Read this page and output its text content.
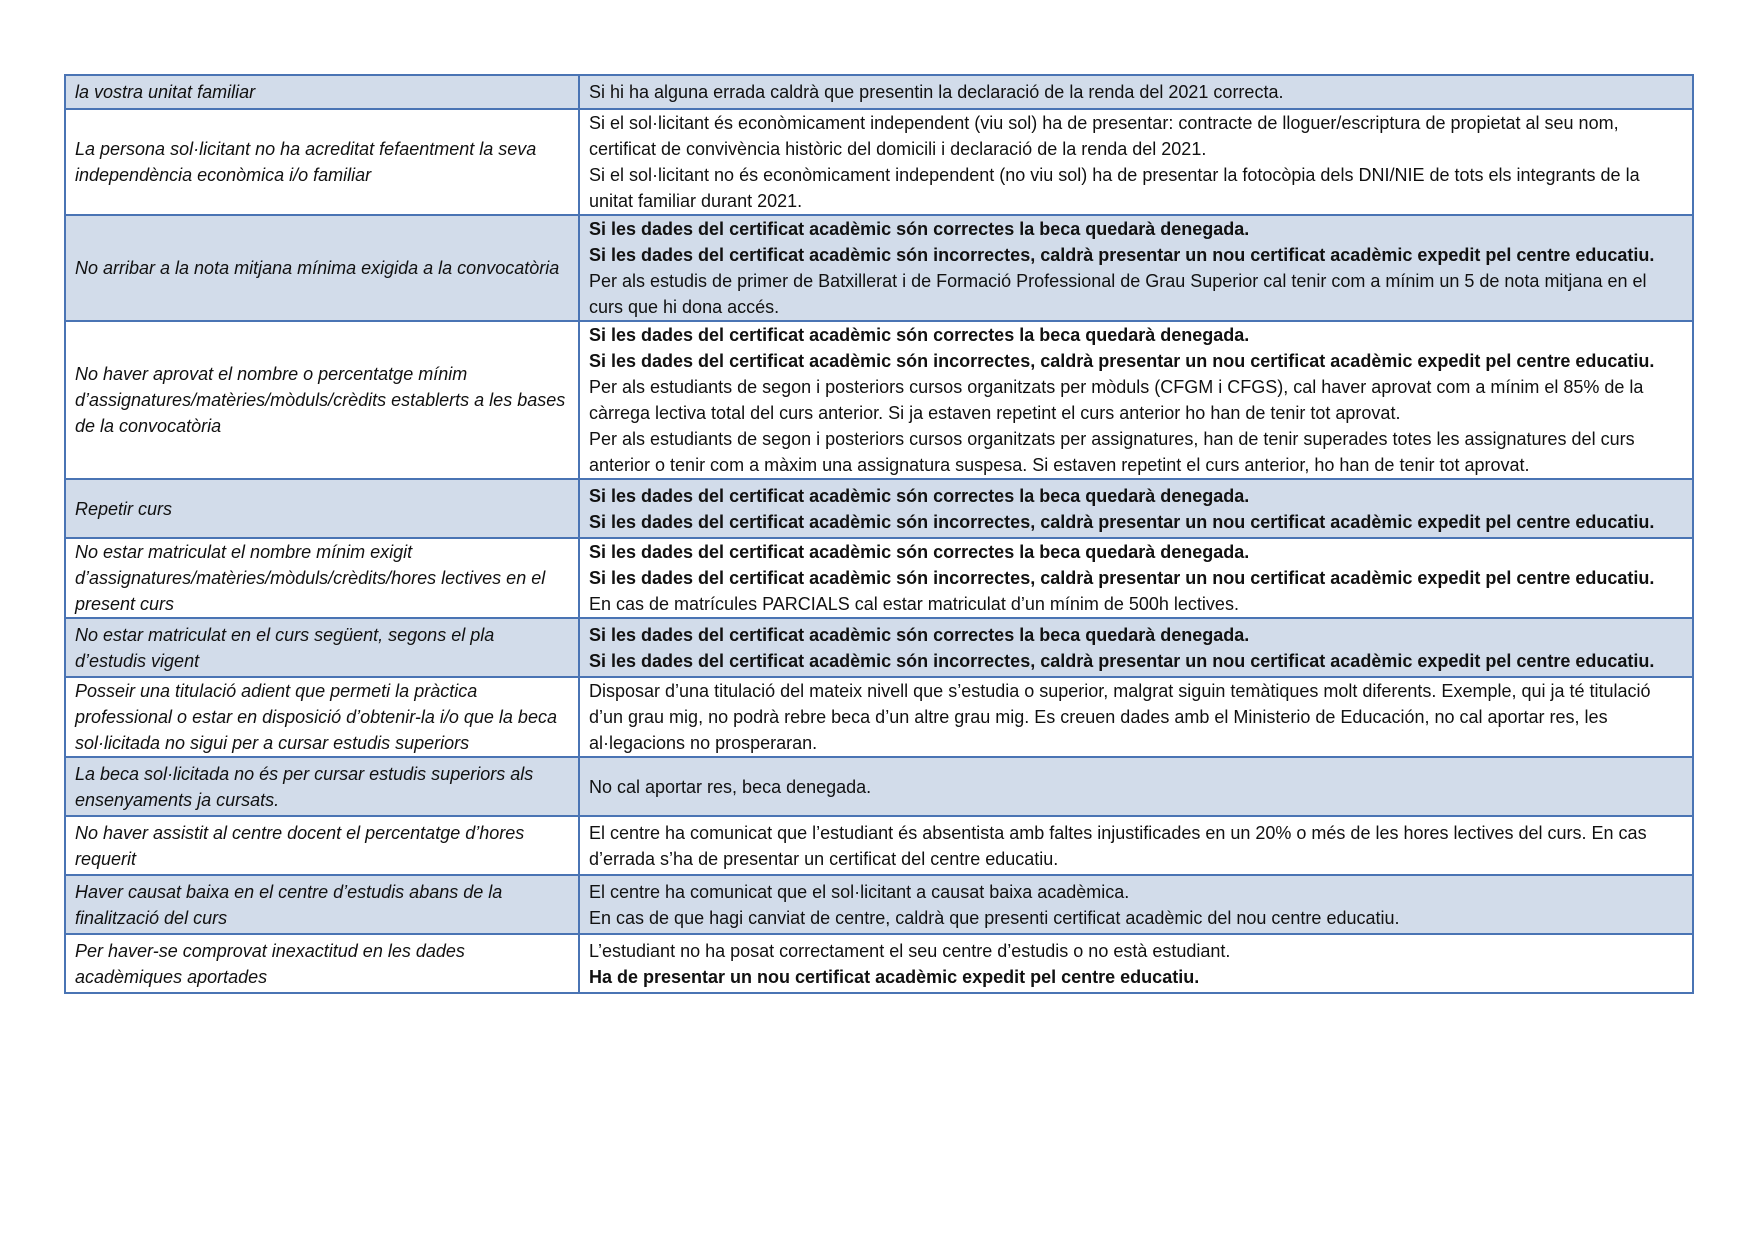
la vostra unitat familiar	Si hi ha alguna errada caldrà que presentin la declaració de la renda del 2021 correcta.

La persona sol·licitant no ha acreditat fefaentment la seva independència econòmica i/o familiar	Si el sol·licitant és econòmicament independent (viu sol) ha de presentar: contracte de lloguer/escriptura de propietat al seu nom, certificat de convivència històric del domicili i declaració de la renda del 2021.
Si el sol·licitant no és econòmicament independent (no viu sol) ha de presentar la fotocòpia dels DNI/NIE de tots els integrants de la unitat familiar durant 2021.

No arribar a la nota mitjana mínima exigida a la convocatòria	Si les dades del certificat acadèmic són correctes la beca quedarà denegada.
Si les dades del certificat acadèmic són incorrectes, caldrà presentar un nou certificat acadèmic expedit pel centre educatiu.
Per als estudis de primer de Batxillerat i de Formació Professional de Grau Superior cal tenir com a mínim un 5 de nota mitjana en el curs que hi dona accés.

No haver aprovat el nombre o percentatge mínim d’assignatures/matèries/mòduls/crèdits establerts a les bases de la convocatòria	Si les dades del certificat acadèmic són correctes la beca quedarà denegada.
Si les dades del certificat acadèmic són incorrectes, caldrà presentar un nou certificat acadèmic expedit pel centre educatiu.
Per als estudiants de segon i posteriors cursos organitzats per mòduls (CFGM i CFGS), cal haver aprovat com a mínim el 85% de la càrrega lectiva total del curs anterior. Si ja estaven repetint el curs anterior ho han de tenir tot aprovat.
Per als estudiants de segon i posteriors cursos organitzats per assignatures, han de tenir superades totes les assignatures del curs anterior o tenir com a màxim una assignatura suspesa. Si estaven repetint el curs anterior, ho han de tenir tot aprovat.

Repetir curs	Si les dades del certificat acadèmic són correctes la beca quedarà denegada.
Si les dades del certificat acadèmic són incorrectes, caldrà presentar un nou certificat acadèmic expedit pel centre educatiu.

No estar matriculat el nombre mínim exigit d’assignatures/matèries/mòduls/crèdits/hores lectives en el present curs	Si les dades del certificat acadèmic són correctes la beca quedarà denegada.
Si les dades del certificat acadèmic són incorrectes, caldrà presentar un nou certificat acadèmic expedit pel centre educatiu.
En cas de matrícules PARCIALS cal estar matriculat d’un mínim de 500h lectives.

No estar matriculat en el curs següent, segons el pla d’estudis vigent	Si les dades del certificat acadèmic són correctes la beca quedarà denegada.
Si les dades del certificat acadèmic són incorrectes, caldrà presentar un nou certificat acadèmic expedit pel centre educatiu.

Posseir una titulació adient que permeti la pràctica professional o estar en disposició d’obtenir-la i/o que la beca sol·licitada no sigui per a cursar estudis superiors	Disposar d’una titulació del mateix nivell que s’estudia o superior, malgrat siguin temàtiques molt diferents. Exemple, qui ja té titulació d’un grau mig, no podrà rebre beca d’un altre grau mig. Es creuen dades amb el Ministerio de Educación, no cal aportar res, les al·legacions no prosperaran.

La beca sol·licitada no és per cursar estudis superiors als ensenyaments ja cursats.	No cal aportar res, beca denegada.

No haver assistit al centre docent el percentatge d’hores requerit	El centre ha comunicat que l’estudiant és absentista amb faltes injustificades en un 20% o més de les hores lectives del curs. En cas d’errada s’ha de presentar un certificat del centre educatiu.

Haver causat baixa en el centre d’estudis abans de la finalització del curs	El centre ha comunicat que el sol·licitant a causat baixa acadèmica.
En cas de que hagi canviat de centre, caldrà que presenti certificat acadèmic del nou centre educatiu.

Per haver-se comprovat inexactitud en les dades acadèmiques aportades	L’estudiant no ha posat correctament el seu centre d’estudis o no està estudiant.
Ha de presentar un nou certificat acadèmic expedit pel centre educatiu.
